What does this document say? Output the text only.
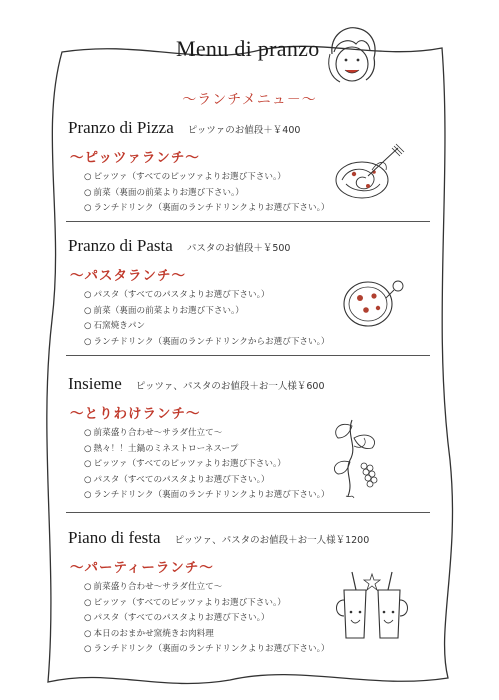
Menu di pranzo
～ランチメニュ－～
Pranzo di Pizza ピッツァのお値段＋￥400
～ピッツァランチ～
○ ピッツァ（すべてのピッツァよりお選び下さい。）
○ 前菜（裏面の前菜よりお選び下さい。）
○ ランチドリンク（裏面のランチドリンクよりお選び下さい。）
Pranzo di Pasta パスタのお値段＋￥500
～パスタランチ～
○ パスタ（すべてのパスタよりお選び下さい。）
○ 前菜（裏面の前菜よりお選び下さい。）
○ 石窯焼きパン
○ ランチドリンク（裏面のランチドリンクからお選び下さい。）
Insieme ピッツァ、パスタのお値段＋お一人様￥600
～とりわけランチ～
○ 前菜盛り合わせ～サラダ仕立て～
○ 熱々！！土鍋のミネストローネスープ
○ ピッツァ（すべてのピッツァよりお選び下さい。）
○ パスタ（すべてのパスタよりお選び下さい。）
○ ランチドリンク（裏面のランチドリンクよりお選び下さい。）
Piano di festa ピッツァ、パスタのお値段＋お一人様￥1200
～パーティーランチ～
○ 前菜盛り合わせ～サラダ仕立て～
○ ピッツァ（すべてのピッツァよりお選び下さい。）
○ パスタ（すべてのパスタよりお選び下さい。）
○ 本日のおまかせ窯焼きお肉料理
○ ランチドリンク（裏面のランチドリンクよりお選び下さい。）
